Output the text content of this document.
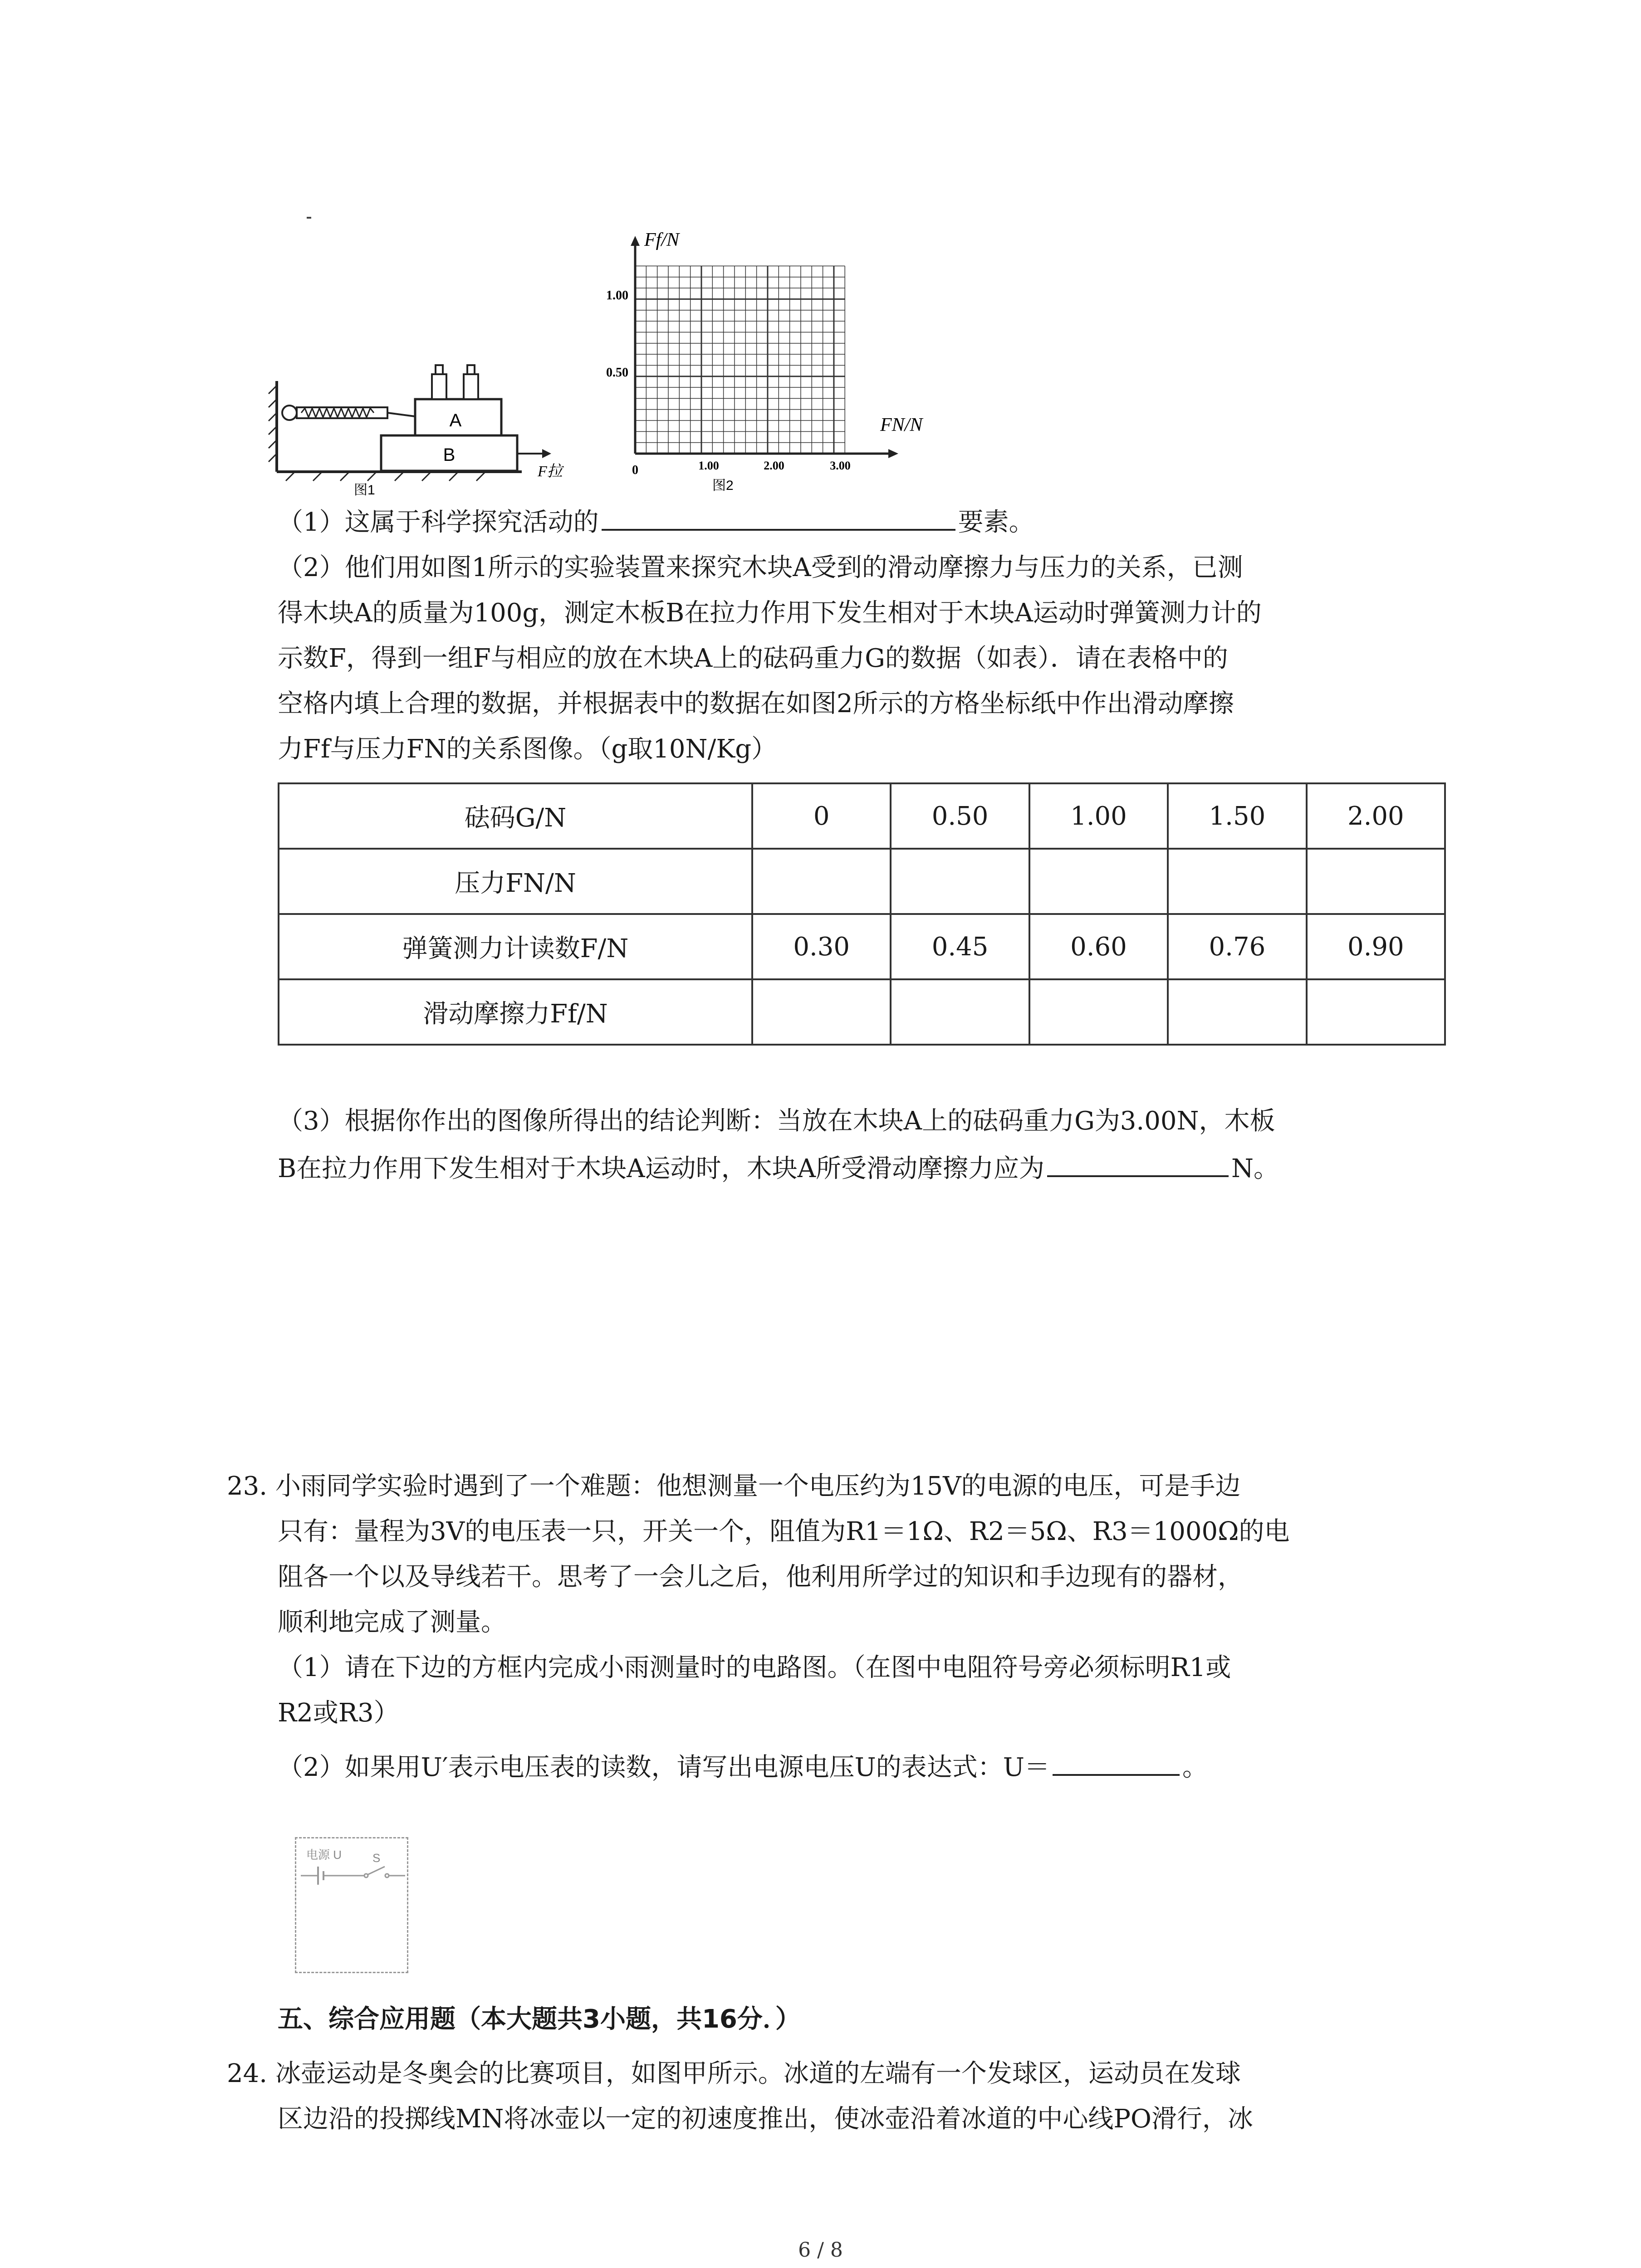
A
B
F拉
图1
Ff/N
FN/N
1.00
0.50
0	1.00	2.00	3.00
图2
（1）这属于科学探究活动的	要素。
（2）他们用如图1所示的实验装置来探究木块A受到的滑动摩擦力与压力的关系，已测
得木块A的质量为100g，测定木板B在拉力作用下发生相对于木块A运动时弹簧测力计的
示数F，得到一组F与相应的放在木块A上的砝码重力G的数据（如表）．请在表格中的
空格内填上合理的数据，并根据表中的数据在如图2所示的方格坐标纸中作出滑动摩擦
力Ff与压力FN的关系图像。（g取10N/Kg）
砝码G/N	0	0.50	1.00	1.50	2.00
压力FN/N					
弹簧测力计读数F/N	0.30	0.45	0.60	0.76	0.90
滑动摩擦力Ff/N					
（3）根据你作出的图像所得出的结论判断：当放在木块A上的砝码重力G为3.00N，木板
B在拉力作用下发生相对于木块A运动时，木块A所受滑动摩擦力应为	N。
23. 小雨同学实验时遇到了一个难题：他想测量一个电压约为15V的电源的电压，可是手边
只有：量程为3V的电压表一只，开关一个，阻值为R1＝1Ω、R2＝5Ω、R3＝1000Ω的电
阻各一个以及导线若干。思考了一会儿之后，他利用所学过的知识和手边现有的器材，
顺利地完成了测量。
（1）请在下边的方框内完成小雨测量时的电路图。（在图中电阻符号旁必须标明R1或
R2或R3）
（2）如果用U′表示电压表的读数，请写出电源电压U的表达式：U＝	。
电源 U	S
五、综合应用题（本大题共3小题，共16分．）
24. 冰壶运动是冬奥会的比赛项目，如图甲所示。冰道的左端有一个发球区，运动员在发球
区边沿的投掷线MN将冰壶以一定的初速度推出，使冰壶沿着冰道的中心线PO滑行，冰
6 / 8
